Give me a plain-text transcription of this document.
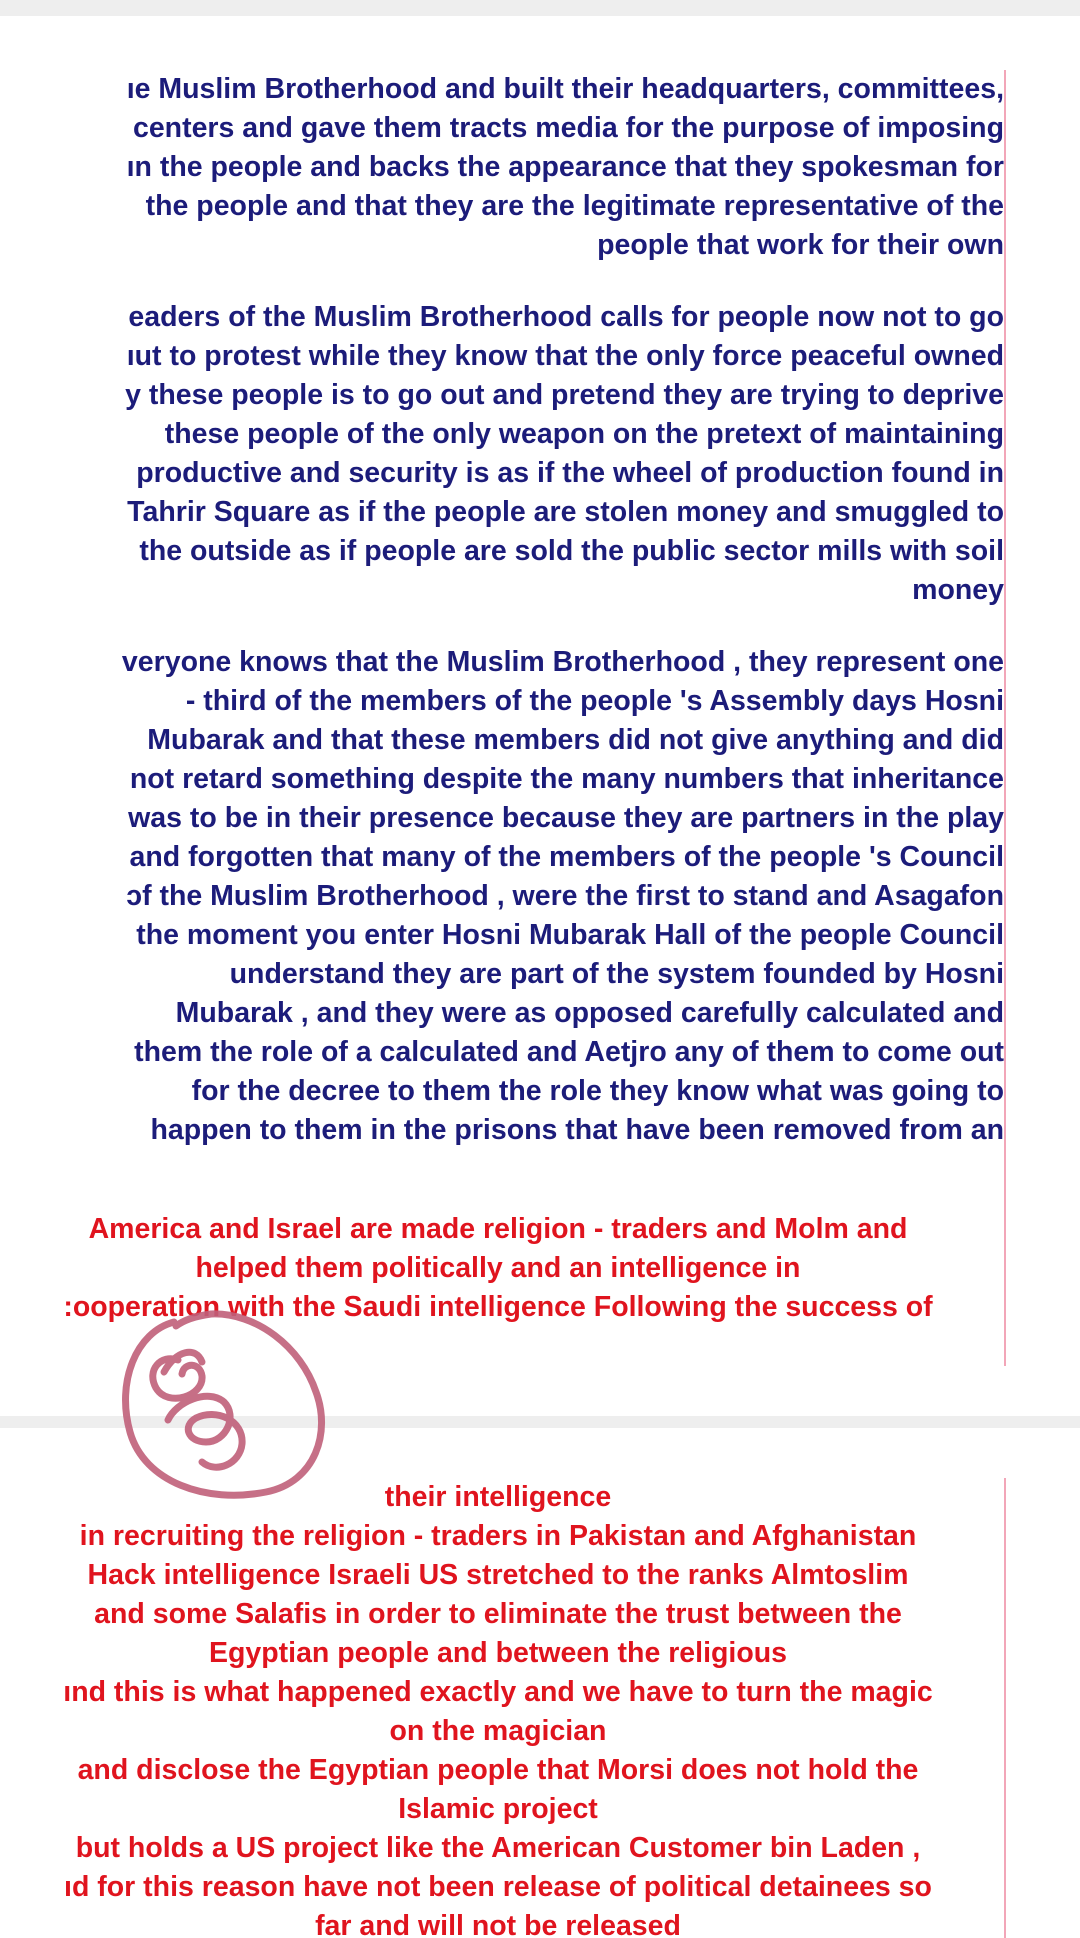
ıe Muslim Brotherhood and built their headquarters, committees,
centers and gave them tracts media for the purpose of imposing
ın the people and backs the appearance that they spokesman for
the people and that they are the legitimate representative of the
people that work for their own
eaders of the Muslim Brotherhood calls for people now not to go
ıut to protest while they know that the only force peaceful owned
y these people is to go out and pretend they are trying to deprive
these people of the only weapon on the pretext of maintaining
productive and security is as if the wheel of production found in
Tahrir Square as if the people are stolen money and smuggled to
the outside as if people are sold the public sector mills with soil
money
veryone knows that the Muslim Brotherhood , they represent one
- third of the members of the people 's Assembly days Hosni
Mubarak and that these members did not give anything and did
not retard something despite the many numbers that inheritance
was to be in their presence because they are partners in the play
and forgotten that many of the members of the people 's Council
ɔf the Muslim Brotherhood , were the first to stand and Asagafon
the moment you enter Hosni Mubarak Hall of the people Council
understand they are part of the system founded by Hosni
Mubarak , and they were as opposed carefully calculated and
them the role of a calculated and Aetjro any of them to come out
for the decree to them the role they know what was going to
happen to them in the prisons that have been removed from an
America and Israel are made religion - traders and Molm and
helped them politically and an intelligence in
:ooperation with the Saudi intelligence Following the success of
their intelligence
in recruiting the religion - traders in Pakistan and Afghanistan
Hack intelligence Israeli US stretched to the ranks Almtoslim
and some Salafis in order to eliminate the trust between the
Egyptian people and between the religious
ınd this is what happened exactly and we have to turn the magic
on the magician
and disclose the Egyptian people that Morsi does not hold the
Islamic project
but holds a US project like the American Customer bin Laden ,
ıd for this reason have not been release of political detainees so
far and will not be released
